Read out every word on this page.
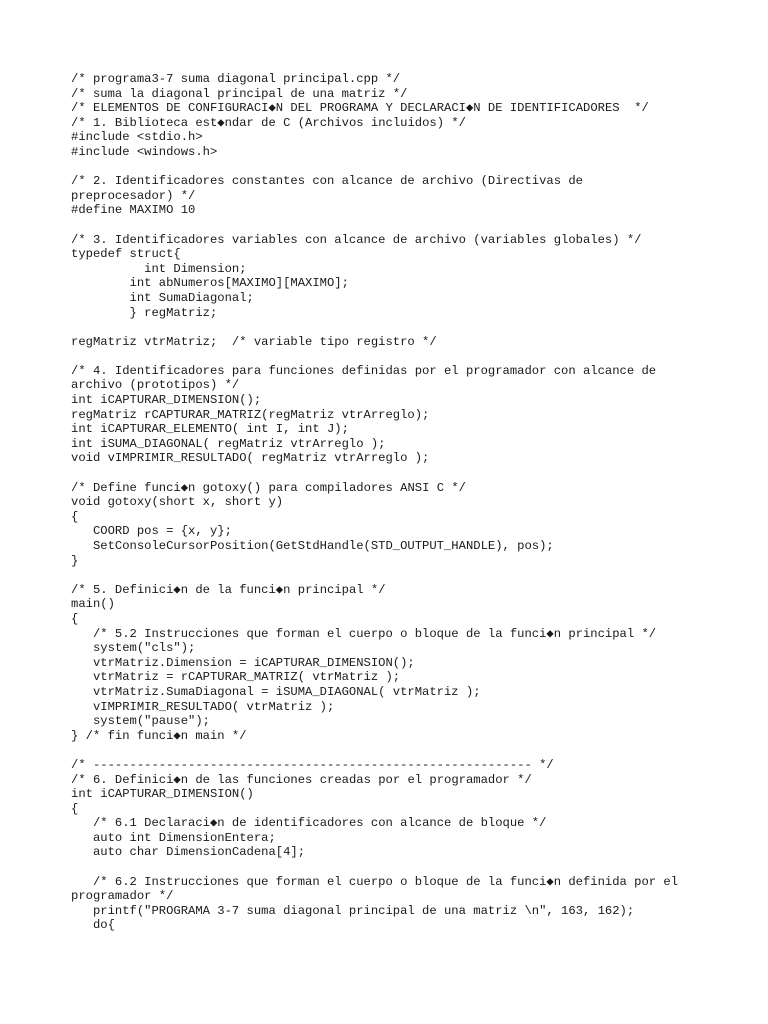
/* programa3-7 suma diagonal principal.cpp */
/* suma la diagonal principal de una matriz */
/* ELEMENTOS DE CONFIGURACI◆N DEL PROGRAMA Y DECLARACI◆N DE IDENTIFICADORES  */
/* 1. Biblioteca est◆ndar de C (Archivos incluidos) */
#include <stdio.h>
#include <windows.h>
/* 2. Identificadores constantes con alcance de archivo (Directivas de
preprocesador) */
#define MAXIMO 10
/* 3. Identificadores variables con alcance de archivo (variables globales) */
typedef struct{
int Dimension;
int abNumeros[MAXIMO][MAXIMO];
int SumaDiagonal;
} regMatriz;
regMatriz vtrMatriz;  /* variable tipo registro */
/* 4. Identificadores para funciones definidas por el programador con alcance de
archivo (prototipos) */
int iCAPTURAR_DIMENSION();
regMatriz rCAPTURAR_MATRIZ(regMatriz vtrArreglo);
int iCAPTURAR_ELEMENTO( int I, int J);
int iSUMA_DIAGONAL( regMatriz vtrArreglo );
void vIMPRIMIR_RESULTADO( regMatriz vtrArreglo );
/* Define funci◆n gotoxy() para compiladores ANSI C */
void gotoxy(short x, short y)
{
COORD pos = {x, y};
SetConsoleCursorPosition(GetStdHandle(STD_OUTPUT_HANDLE), pos);
}
/* 5. Definici◆n de la funci◆n principal */
main()
{
/* 5.2 Instrucciones que forman el cuerpo o bloque de la funci◆n principal */
system("cls");
vtrMatriz.Dimension = iCAPTURAR_DIMENSION();
vtrMatriz = rCAPTURAR_MATRIZ( vtrMatriz );
vtrMatriz.SumaDiagonal = iSUMA_DIAGONAL( vtrMatriz );
vIMPRIMIR_RESULTADO( vtrMatriz );
system("pause");
} /* fin funci◆n main */
/* ------------------------------------------------------------ */
/* 6. Definici◆n de las funciones creadas por el programador */
int iCAPTURAR_DIMENSION()
{
/* 6.1 Declaraci◆n de identificadores con alcance de bloque */
auto int DimensionEntera;
auto char DimensionCadena[4];
/* 6.2 Instrucciones que forman el cuerpo o bloque de la funci◆n definida por el
programador */
printf("PROGRAMA 3-7 suma diagonal principal de una matriz \n", 163, 162);
do{
